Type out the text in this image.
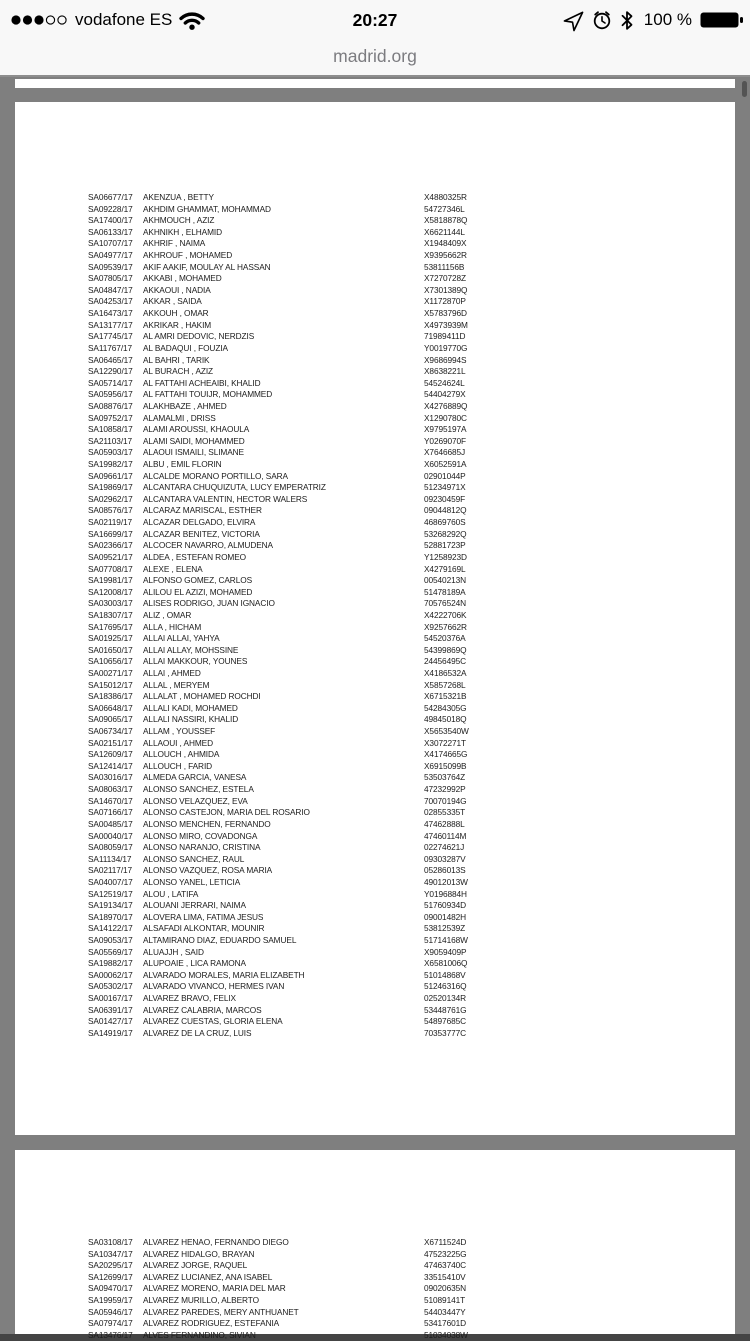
vodafone ES	20:27	100 %
madrid.org
SA06677/17 AKENZUA , BETTY	X4880325R
SA09228/17 AKHDIM GHAMMAT, MOHAMMAD	54727346L
SA17400/17 AKHMOUCH , AZIZ	X5818878Q
SA06133/17 AKHNIKH , ELHAMID	X6621144L
SA10707/17 AKHRIF , NAIMA	X1948409X
SA04977/17 AKHROUF , MOHAMED	X9395662R
SA09539/17 AKIF AAKIF, MOULAY AL HASSAN	53811156B
SA07805/17 AKKABI , MOHAMED	X7270728Z
SA04847/17 AKKAOUI , NADIA	X7301389Q
SA04253/17 AKKAR , SAIDA	X1172870P
SA16473/17 AKKOUH , OMAR	X5783796D
SA13177/17 AKRIKAR , HAKIM	X4973939M
SA17745/17 AL AMRI DEDOVIC, NERDZIS	71989411D
SA11767/17 AL BADAQUI , FOUZIA	Y0019770G
SA06465/17 AL BAHRI , TARIK	X9686994S
SA12290/17 AL BURACH , AZIZ	X8638221L
SA05714/17 AL FATTAHI ACHEAIBI, KHALID	54524624L
SA05956/17 AL FATTAHI TOUIJR, MOHAMMED	54404279X
SA08876/17 ALAKHBAZE , AHMED	X4276889Q
SA09752/17 ALAMALMI , DRISS	X1290780C
SA10858/17 ALAMI AROUSSI, KHAOULA	X9795197A
SA21103/17 ALAMI SAIDI, MOHAMMED	Y0269070F
SA05903/17 ALAOUI ISMAILI, SLIMANE	X7646685J
SA19982/17 ALBU , EMIL FLORIN	X6052591A
SA09661/17 ALCALDE MORANO PORTILLO, SARA	02901044P
SA19869/17 ALCANTARA CHUQUIZUTA, LUCY EMPERATRIZ	51234971X
SA02962/17 ALCANTARA VALENTIN, HECTOR WALERS	09230459F
SA08576/17 ALCARAZ MARISCAL, ESTHER	09044812Q
SA02119/17 ALCAZAR DELGADO, ELVIRA	46869760S
SA16699/17 ALCAZAR BENITEZ, VICTORIA	53268292Q
SA02366/17 ALCOCER NAVARRO, ALMUDENA	52881723P
SA09521/17 ALDEA , ESTEFAN ROMEO	Y1258923D
SA07708/17 ALEXE , ELENA	X4279169L
SA19981/17 ALFONSO GOMEZ, CARLOS	00540213N
SA12008/17 ALILOU EL AZIZI, MOHAMED	51478189A
SA03003/17 ALISES RODRIGO, JUAN IGNACIO	70576524N
SA18307/17 ALIZ , OMAR	X4222706K
SA17695/17 ALLA , HICHAM	X9257662R
SA01925/17 ALLAI ALLAI, YAHYA	54520376A
SA01650/17 ALLAI ALLAY, MOHSSINE	54399869Q
SA10656/17 ALLAI MAKKOUR, YOUNES	24456495C
SA00271/17 ALLAI , AHMED	X4186532A
SA15012/17 ALLAL , MERYEM	X5857268L
SA18386/17 ALLALAT , MOHAMED ROCHDI	X6715321B
SA06648/17 ALLALI KADI, MOHAMED	54284305G
SA09065/17 ALLALI NASSIRI, KHALID	49845018Q
SA06734/17 ALLAM , YOUSSEF	X5653540W
SA02151/17 ALLAOUI , AHMED	X3072271T
SA12609/17 ALLOUCH , AHMIDA	X4174665G
SA12414/17 ALLOUCH , FARID	X6915099B
SA03016/17 ALMEDA GARCIA, VANESA	53503764Z
SA08063/17 ALONSO SANCHEZ, ESTELA	47232992P
SA14670/17 ALONSO VELAZQUEZ, EVA	70070194G
SA07166/17 ALONSO CASTEJON, MARIA DEL ROSARIO	02855335T
SA00485/17 ALONSO MENCHEN, FERNANDO	47462888L
SA00040/17 ALONSO MIRO, COVADONGA	47460114M
SA08059/17 ALONSO NARANJO, CRISTINA	02274621J
SA11134/17 ALONSO SANCHEZ, RAUL	09303287V
SA02117/17 ALONSO VAZQUEZ, ROSA MARIA	05286013S
SA04007/17 ALONSO YANEL, LETICIA	49012013W
SA12519/17 ALOU , LATIFA	Y0196884H
SA19134/17 ALOUANI JERRARI, NAIMA	51760934D
SA18970/17 ALOVERA LIMA, FATIMA JESUS	09001482H
SA14122/17 ALSAFADI ALKONTAR, MOUNIR	53812539Z
SA09053/17 ALTAMIRANO DIAZ, EDUARDO SAMUEL	51714168W
SA05569/17 ALUAJJH , SAID	X9059409P
SA19882/17 ALUPOAIE , LICA RAMONA	X6581006Q
SA00062/17 ALVARADO MORALES, MARIA ELIZABETH	51014868V
SA05302/17 ALVARADO VIVANCO, HERMES IVAN	51246316Q
SA00167/17 ALVAREZ BRAVO, FELIX	02520134R
SA06391/17 ALVAREZ CALABRIA, MARCOS	53448761G
SA01427/17 ALVAREZ CUESTAS, GLORIA ELENA	54897685C
SA14919/17 ALVAREZ DE LA CRUZ, LUIS	70353777C
SA03108/17 ALVAREZ HENAO, FERNANDO DIEGO	X6711524D
SA10347/17 ALVAREZ HIDALGO, BRAYAN	47523225G
SA20295/17 ALVAREZ JORGE, RAQUEL	47463740C
SA12699/17 ALVAREZ LUCIANEZ, ANA ISABEL	33515410V
SA09470/17 ALVAREZ MORENO, MARIA DEL MAR	09020635N
SA19959/17 ALVAREZ MURILLO, ALBERTO	51089141T
SA05946/17 ALVAREZ PAREDES, MERY ANTHUANET	54403447Y
SA07974/17 ALVAREZ RODRIGUEZ, ESTEFANIA	53417601D
SA13476/17 ALVES FERNANDINO, SIVIAN	51034038W
